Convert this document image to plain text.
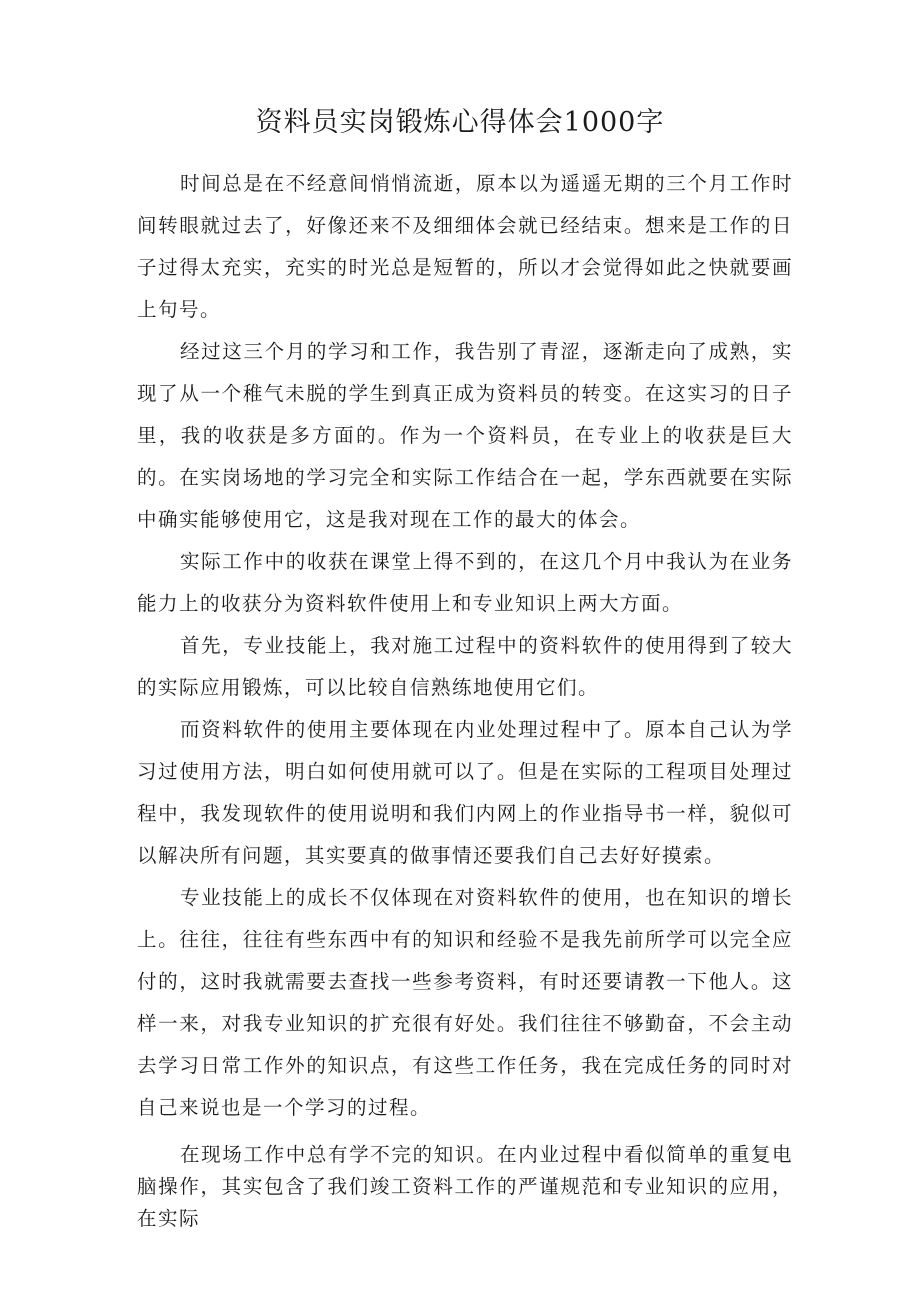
资料员实岗锻炼心得体会1000字

时间总是在不经意间悄悄流逝，原本以为遥遥无期的三个月工作时间转眼就过去了，好像还来不及细细体会就已经结束。想来是工作的日子过得太充实，充实的时光总是短暂的，所以才会觉得如此之快就要画上句号。

经过这三个月的学习和工作，我告别了青涩，逐渐走向了成熟，实现了从一个稚气未脱的学生到真正成为资料员的转变。在这实习的日子里，我的收获是多方面的。作为一个资料员，在专业上的收获是巨大的。在实岗场地的学习完全和实际工作结合在一起，学东西就要在实际中确实能够使用它，这是我对现在工作的最大的体会。

实际工作中的收获在课堂上得不到的，在这几个月中我认为在业务能力上的收获分为资料软件使用上和专业知识上两大方面。

首先，专业技能上，我对施工过程中的资料软件的使用得到了较大的实际应用锻炼，可以比较自信熟练地使用它们。

而资料软件的使用主要体现在内业处理过程中了。原本自己认为学习过使用方法，明白如何使用就可以了。但是在实际的工程项目处理过程中，我发现软件的使用说明和我们内网上的作业指导书一样，貌似可以解决所有问题，其实要真的做事情还要我们自己去好好摸索。

专业技能上的成长不仅体现在对资料软件的使用，也在知识的增长上。往往，往往有些东西中有的知识和经验不是我先前所学可以完全应付的，这时我就需要去查找一些参考资料，有时还要请教一下他人。这样一来，对我专业知识的扩充很有好处。我们往往不够勤奋，不会主动去学习日常工作外的知识点，有这些工作任务，我在完成任务的同时对自己来说也是一个学习的过程。

在现场工作中总有学不完的知识。在内业过程中看似简单的重复电脑操作，其实包含了我们竣工资料工作的严谨规范和专业知识的应用，在实际
